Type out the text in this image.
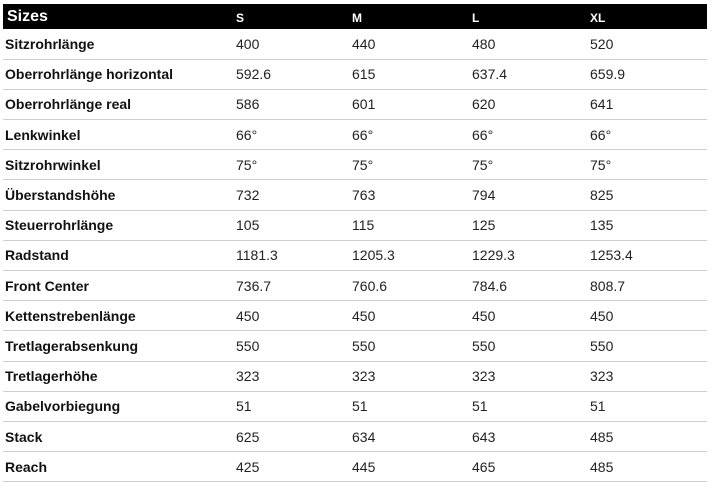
Sizes	S	M	L	XL
Sitzrohrlänge	400	440	480	520
Oberrohrlänge horizontal	592.6	615	637.4	659.9
Oberrohrlänge real	586	601	620	641
Lenkwinkel	66°	66°	66°	66°
Sitzrohrwinkel	75°	75°	75°	75°
Überstandshöhe	732	763	794	825
Steuerrohrlänge	105	115	125	135
Radstand	1181.3	1205.3	1229.3	1253.4
Front Center	736.7	760.6	784.6	808.7
Kettenstrebenlänge	450	450	450	450
Tretlagerabsenkung	550	550	550	550
Tretlagerhöhe	323	323	323	323
Gabelvorbiegung	51	51	51	51
Stack	625	634	643	485
Reach	425	445	465	485
